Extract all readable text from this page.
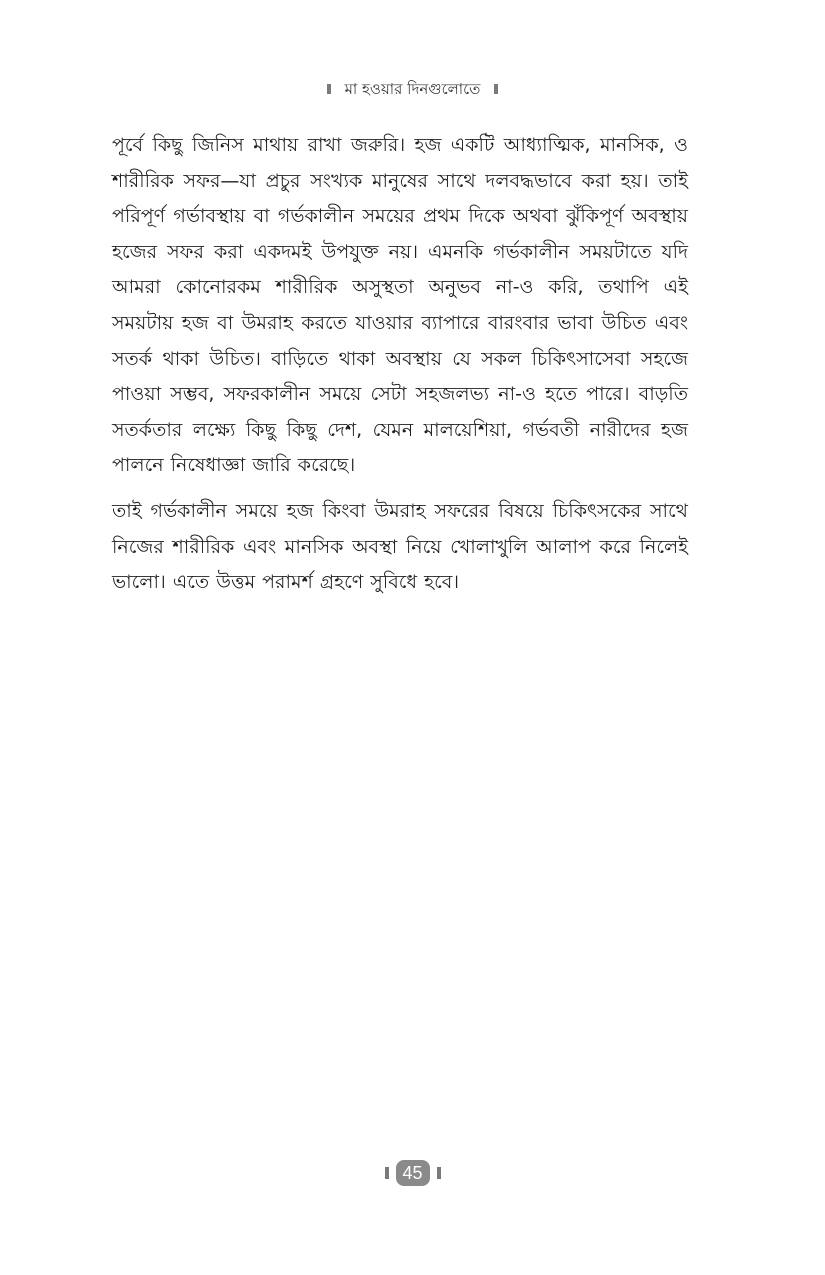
মা হওয়ার দিনগুলোতে

পূর্বে কিছু জিনিস মাথায় রাখা জরুরি। হজ একটি আধ্যাত্মিক, মানসিক, ও শারীরিক সফর—যা প্রচুর সংখ্যক মানুষের সাথে দলবদ্ধভাবে করা হয়। তাই পরিপূর্ণ গর্ভাবস্থায় বা গর্ভকালীন সময়ের প্রথম দিকে অথবা ঝুঁকিপূর্ণ অবস্থায় হজের সফর করা একদমই উপযুক্ত নয়। এমনকি গর্ভকালীন সময়টাতে যদি আমরা কোনোরকম শারীরিক অসুস্থতা অনুভব না-ও করি, তথাপি এই সময়টায় হজ বা উমরাহ করতে যাওয়ার ব্যাপারে বারংবার ভাবা উচিত এবং সতর্ক থাকা উচিত। বাড়িতে থাকা অবস্থায় যে সকল চিকিৎসাসেবা সহজে পাওয়া সম্ভব, সফরকালীন সময়ে সেটা সহজলভ্য না-ও হতে পারে। বাড়তি সতর্কতার লক্ষ্যে কিছু কিছু দেশ, যেমন মালয়েশিয়া, গর্ভবতী নারীদের হজ পালনে নিষেধাজ্ঞা জারি করেছে।

তাই গর্ভকালীন সময়ে হজ কিংবা উমরাহ সফরের বিষয়ে চিকিৎসকের সাথে নিজের শারীরিক এবং মানসিক অবস্থা নিয়ে খোলাখুলি আলাপ করে নিলেই ভালো। এতে উত্তম পরামর্শ গ্রহণে সুবিধে হবে।

45
